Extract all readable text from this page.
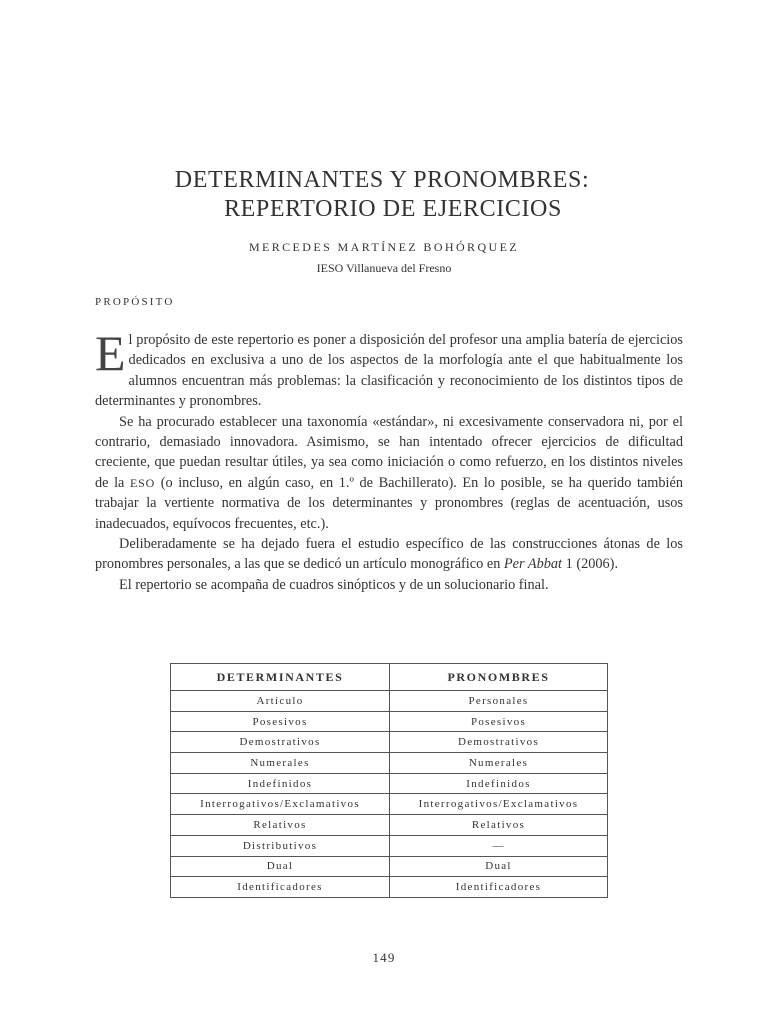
DETERMINANTES Y PRONOMBRES:
REPERTORIO DE EJERCICIOS
MERCEDES MARTÍNEZ BOHÓRQUEZ
IESO Villanueva del Fresno
PROPÓSITO

El propósito de este repertorio es poner a disposición del profesor una amplia batería de ejercicios dedicados en exclusiva a uno de los aspectos de la morfología ante el que habitualmente los alumnos encuentran más problemas: la clasificación y reconocimiento de los distintos tipos de determinantes y pronombres.

Se ha procurado establecer una taxonomía «estándar», ni excesivamente conservadora ni, por el contrario, demasiado innovadora. Asimismo, se han intentado ofrecer ejercicios de dificultad creciente, que puedan resultar útiles, ya sea como iniciación o como refuerzo, en los distintos niveles de la ESO (o incluso, en algún caso, en 1.º de Bachillerato). En lo posible, se ha querido también trabajar la vertiente normativa de los determinantes y pronombres (reglas de acentuación, usos inadecuados, equívocos frecuentes, etc.).

Deliberadamente se ha dejado fuera el estudio específico de las construcciones átonas de los pronombres personales, a las que se dedicó un artículo monográfico en Per Abbat 1 (2006).

El repertorio se acompaña de cuadros sinópticos y de un solucionario final.

DETERMINANTES	PRONOMBRES
Artículo	Personales
Posesivos	Posesivos
Demostrativos	Demostrativos
Numerales	Numerales
Indefinidos	Indefinidos
Interrogativos/Exclamativos	Interrogativos/Exclamativos
Relativos	Relativos
Distributivos	—
Dual	Dual
Identificadores	Identificadores
149
